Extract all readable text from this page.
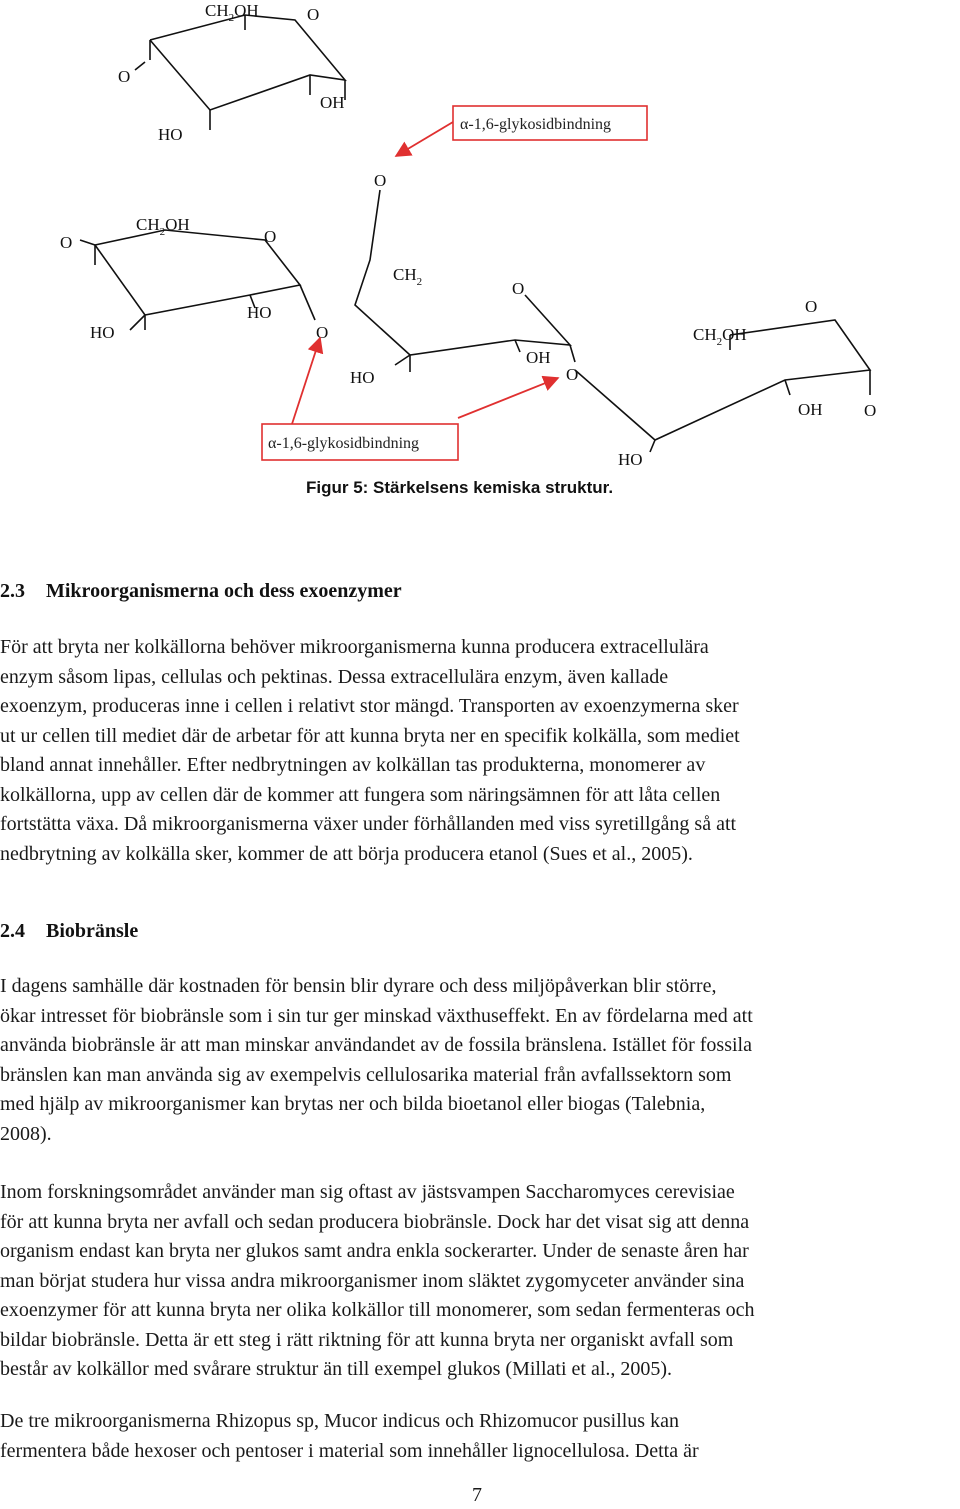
$CH_2OH$	O
O
OH
HO
O
$CH_2OH$
O
O
$CH_2$	O
O
HO
HO	O	$CH_2OH$
OH
O
HO
OH O
HO
α-1,6-glykosidbindning
α-1,6-glykosidbindning
Figur 5: Stärkelsens kemiska struktur.
2.3 Mikroorganismerna och dess exoenzymer
För att bryta ner kolkällorna behöver mikroorganismerna kunna producera extracellulära
enzym såsom lipas, cellulas och pektinas. Dessa extracellulära enzym, även kallade
exoenzym, produceras inne i cellen i relativt stor mängd. Transporten av exoenzymerna sker
ut ur cellen till mediet där de arbetar för att kunna bryta ner en specifik kolkälla, som mediet
bland annat innehåller. Efter nedbrytningen av kolkällan tas produkterna, monomerer av
kolkällorna, upp av cellen där de kommer att fungera som näringsämnen för att låta cellen
fortstätta växa. Då mikroorganismerna växer under förhållanden med viss syretillgång så att
nedbrytning av kolkälla sker, kommer de att börja producera etanol (Sues et al., 2005).
2.4 Biobränsle
I dagens samhälle där kostnaden för bensin blir dyrare och dess miljöpåverkan blir större,
ökar intresset för biobränsle som i sin tur ger minskad växthuseffekt. En av fördelarna med att
använda biobränsle är att man minskar användandet av de fossila bränslena. Istället för fossila
bränslen kan man använda sig av exempelvis cellulosarika material från avfallssektorn som
med hjälp av mikroorganismer kan brytas ner och bilda bioetanol eller biogas (Talebnia,
2008).
Inom forskningsområdet använder man sig oftast av jästsvampen Saccharomyces cerevisiae
för att kunna bryta ner avfall och sedan producera biobränsle. Dock har det visat sig att denna
organism endast kan bryta ner glukos samt andra enkla sockerarter. Under de senaste åren har
man börjat studera hur vissa andra mikroorganismer inom släktet zygomyceter använder sina
exoenzymer för att kunna bryta ner olika kolkällor till monomerer, som sedan fermenteras och
bildar biobränsle. Detta är ett steg i rätt riktning för att kunna bryta ner organiskt avfall som
består av kolkällor med svårare struktur än till exempel glukos (Millati et al., 2005).
De tre mikroorganismerna Rhizopus sp, Mucor indicus och Rhizomucor pusillus kan
fermentera både hexoser och pentoser i material som innehåller lignocellulosa. Detta är
7
